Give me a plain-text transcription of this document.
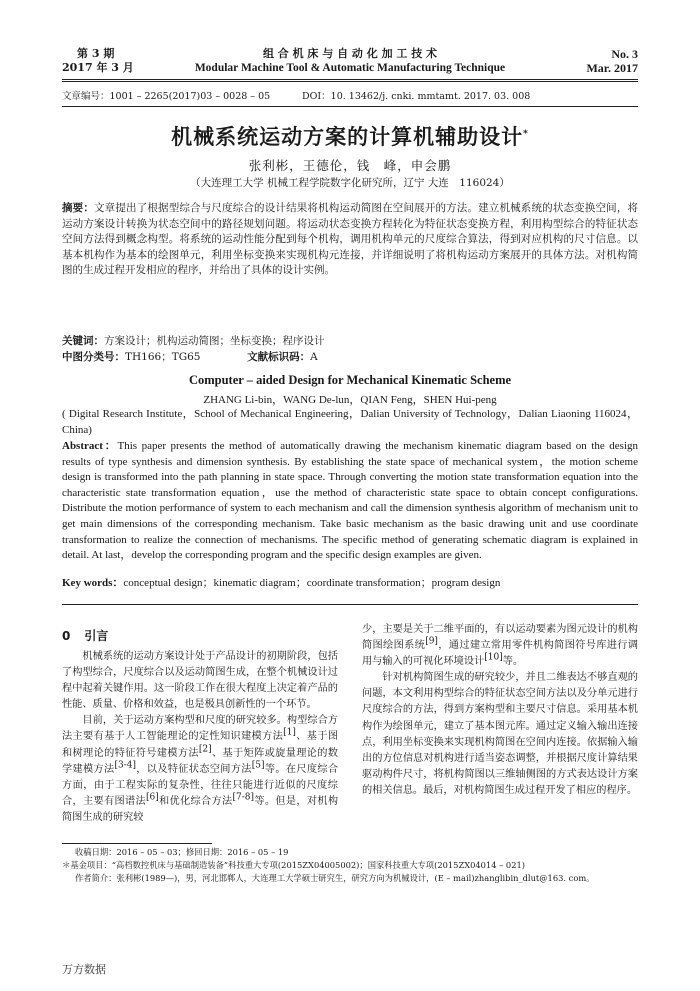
第 3 期
2017 年 3 月
组 合 机 床 与 自 动 化 加 工 技 术
Modular Machine Tool & Automatic Manufacturing Technique
No. 3
Mar. 2017
文章编号：1001 – 2265(2017)03 – 0028 – 05	DOI：10. 13462/j. cnki. mmtamt. 2017. 03. 008
机械系统运动方案的计算机辅助设计*
张利彬，王德伦，钱　峰，申会鹏
（大连理工大学 机械工程学院数字化研究所，辽宁 大连　116024）
摘要：文章提出了根据型综合与尺度综合的设计结果将机构运动简图在空间展开的方法。建立机械系统的状态变换空间，将运动方案设计转换为状态空间中的路径规划问题。将运动状态变换方程转化为特征状态变换方程，利用构型综合的特征状态空间方法得到概念构型。将系统的运动性能分配到每个机构，调用机构单元的尺度综合算法，得到对应机构的尺寸信息。以基本机构作为基本的绘图单元，利用坐标变换来实现机构元连接，并详细说明了将机构运动方案展开的具体方法。对机构简图的生成过程开发相应的程序，并给出了具体的设计实例。
关键词：方案设计；机构运动简图；坐标变换；程序设计
中图分类号：TH166；TG65	文献标识码：A
Computer – aided Design for Mechanical Kinematic Scheme
ZHANG Li-bin，WANG De-lun，QIAN Feng，SHEN Hui-peng
( Digital Research Institute，School of Mechanical Engineering，Dalian University of Technology，Dalian Liaoning 116024，China)
Abstract：This paper presents the method of automatically drawing the mechanism kinematic diagram based on the design results of type synthesis and dimension synthesis. By establishing the state space of mechanical system，the motion scheme design is transformed into the path planning in state space. Through converting the motion state transformation equation into the characteristic state transformation equation，use the method of characteristic state space to obtain concept configurations. Distribute the motion performance of system to each mechanism and call the dimension synthesis algorithm of mechanism unit to get main dimensions of the corresponding mechanism. Take basic mechanism as the basic drawing unit and use coordinate transformation to realize the connection of mechanisms. The specific method of generating schematic diagram is explained in detail. At last，develop the corresponding program and the specific design examples are given.
Key words：conceptual design；kinematic diagram；coordinate transformation；program design
0 引言
机械系统的运动方案设计处于产品设计的初期阶段，包括了构型综合，尺度综合以及运动简图生成，在整个机械设计过程中起着关键作用。这一阶段工作在很大程度上决定着产品的性能、质量、价格和效益，也是极具创新性的一个环节。
目前，关于运动方案构型和尺度的研究较多。构型综合方法主要有基于人工智能理论的定性知识建模方法[1]、基于图和树理论的特征符号建模方法[2]、基于矩阵或旋量理论的数学建模方法[3-4]，以及特征状态空间方法[5]等。在尺度综合方面，由于工程实际的复杂性，往往只能进行近似的尺度综合，主要有图谱法[6]和优化综合方法[7-8]等。但是，对机构简图生成的研究较
少，主要是关于二维平面的，有以运动要素为图元设计的机构简图绘图系统[9]，通过建立常用零件机构简图符号库进行调用与输入的可视化环境设计[10]等。
针对机构简图生成的研究较少，并且二维表达不够直观的问题，本文利用构型综合的特征状态空间方法以及分单元进行尺度综合的方法，得到方案构型和主要尺寸信息。采用基本机构作为绘图单元，建立了基本图元库。通过定义输入输出连接点，利用坐标变换来实现机构简图在空间内连接。依据输入输出的方位信息对机构进行适当姿态调整，并根据尺度计算结果驱动构件尺寸，将机构简图以三维轴侧图的方式表达设计方案的相关信息。最后，对机构简图生成过程开发了相应的程序。
收稿日期：2016 – 05 – 03；修回日期：2016 – 05 – 19
＊基金项目：“高档数控机床与基础制造装备”科技重大专项(2015ZX04005002)；国家科技重大专项(2015ZX04014 – 021)
作者简介：张利彬(1989—)，男，河北邯郸人，大连理工大学硕士研究生，研究方向为机械设计，(E – mail)zhanglibin_dlut@163. com。
万方数据
